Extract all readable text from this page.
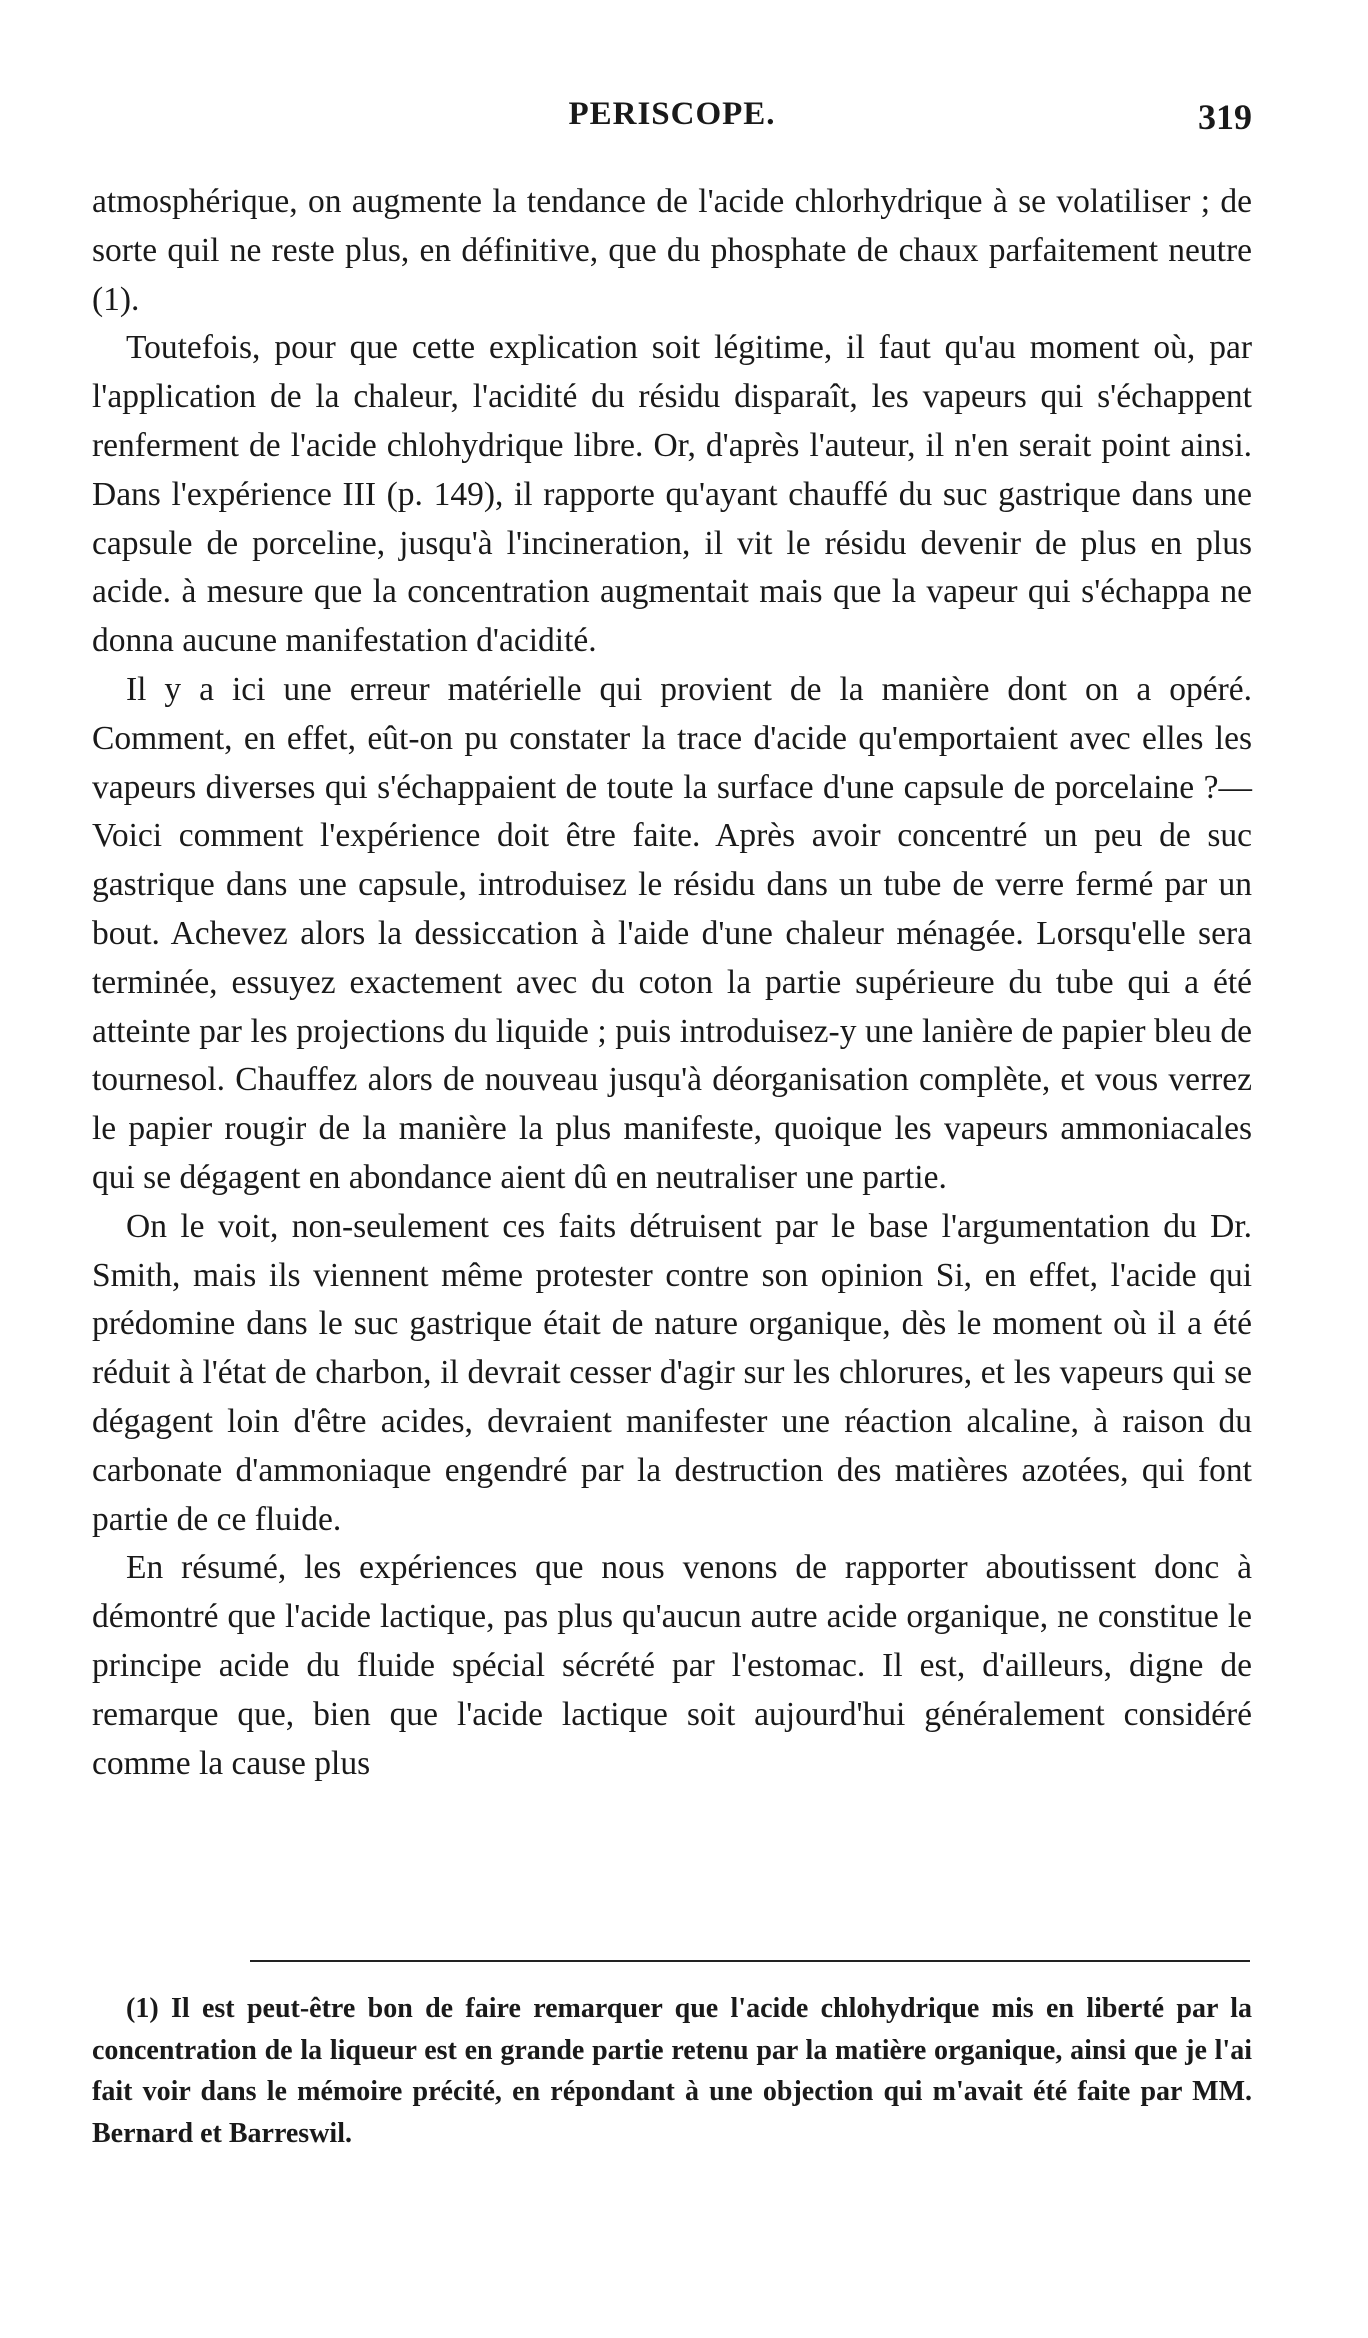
PERISCOPE.	319

atmosphérique, on augmente la tendance de l'acide chlorhydrique à se volatiliser ; de sorte quil ne reste plus, en définitive, que du phosphate de chaux parfaitement neutre (1).

Toutefois, pour que cette explication soit légitime, il faut qu'au moment où, par l'application de la chaleur, l'acidité du résidu disparaît, les vapeurs qui s'échappent renferment de l'acide chlohydrique libre. Or, d'après l'auteur, il n'en serait point ainsi. Dans l'expérience III (p. 149), il rapporte qu'ayant chauffé du suc gastrique dans une capsule de porceline, jusqu'à l'incineration, il vit le résidu devenir de plus en plus acide. à mesure que la concentration augmentait mais que la vapeur qui s'échappa ne donna aucune manifestation d'acidité.

Il y a ici une erreur matérielle qui provient de la manière dont on a opéré. Comment, en effet, eût-on pu constater la trace d'acide qu'emportaient avec elles les vapeurs diverses qui s'échappaient de toute la surface d'une capsule de porcelaine ?—Voici comment l'expérience doit être faite. Après avoir concentré un peu de suc gastrique dans une capsule, introduisez le résidu dans un tube de verre fermé par un bout. Achevez alors la dessiccation à l'aide d'une chaleur ménagée. Lorsqu'elle sera terminée, essuyez exactement avec du coton la partie supérieure du tube qui a été atteinte par les projections du liquide ; puis introduisez-y une lanière de papier bleu de tournesol. Chauffez alors de nouveau jusqu'à déorganisation complète, et vous verrez le papier rougir de la manière la plus manifeste, quoique les vapeurs ammoniacales qui se dégagent en abondance aient dû en neutraliser une partie.

On le voit, non-seulement ces faits détruisent par le base l'argumentation du Dr. Smith, mais ils viennent même protester contre son opinion Si, en effet, l'acide qui prédomine dans le suc gastrique était de nature organique, dès le moment où il a été réduit à l'état de charbon, il devrait cesser d'agir sur les chlorures, et les vapeurs qui se dégagent loin d'être acides, devraient manifester une réaction alcaline, à raison du carbonate d'ammoniaque engendré par la destruction des matières azotées, qui font partie de ce fluide.

En résumé, les expériences que nous venons de rapporter aboutissent donc à démontré que l'acide lactique, pas plus qu'aucun autre acide organique, ne constitue le principe acide du fluide spécial sécrété par l'estomac. Il est, d'ailleurs, digne de remarque que, bien que l'acide lactique soit aujourd'hui généralement considéré comme la cause plus

(1) Il est peut-être bon de faire remarquer que l'acide chlohydrique mis en liberté par la concentration de la liqueur est en grande partie retenu par la matière organique, ainsi que je l'ai fait voir dans le mémoire précité, en répondant à une objection qui m'avait été faite par MM. Bernard et Barreswil.
